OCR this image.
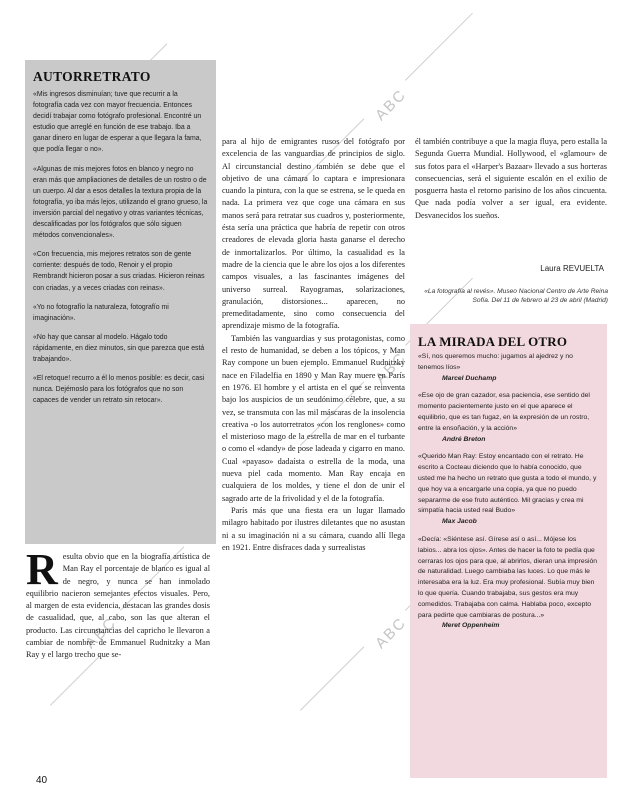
ABC
ABC
ABC	ABC
AUTORRETRATO

«Mis ingresos disminuían; tuve que recurrir a la fotografía cada vez con mayor frecuencia. Entonces decidí trabajar como fotógrafo profesional. Encontré un estudio que arreglé en función de ese trabajo. Iba a ganar dinero en lugar de esperar a que llegara la fama, que podía llegar o no».

«Algunas de mis mejores fotos en blanco y negro no eran más que ampliaciones de detalles de un rostro o de un cuerpo. Al dar a esos detalles la textura propia de la fotografía, yo iba más lejos, utilizando el grano grueso, la inversión parcial del negativo y otras variantes técnicas, descalificadas por los fotógrafos que sólo siguen métodos convencionales».

«Con frecuencia, mis mejores retratos son de gente corriente: después de todo, Renoir y el propio Rembrandt hicieron posar a sus criadas. Hicieron reinas con criadas, y a veces criadas con reinas».

«Yo no fotografío la naturaleza, fotografío mi imaginación».

«No hay que cansar al modelo. Hágalo todo rápidamente, en diez minutos, sin que parezca que está trabajando».

«El retoque! recurro a él lo menos posible: es decir, casi nunca. Dejémoslo para los fotógrafos que no son capaces de vender un retrato sin retocar».

R esulta obvio que en la biografía artística de Man Ray el porcentaje de blanco es igual al de negro, y nunca se han inmolado equilibrio nacieron semejantes efectos visuales. Pero, al margen de esta evidencia, destacan las grandes dosis de casualidad, que, al cabo, son las que alteran el producto. Las circunstancias del capricho le llevaron a cambiar de nombre: de Emmanuel Rudnitzky a Man Ray y el largo trecho que se-

para al hijo de emigrantes rusos del fotógrafo por excelencia de las vanguardias de principios de siglo. Al circunstancial destino también se debe que el objetivo de una cámara lo captara e impresionara cuando la pintura, con la que se estrena, se le queda en nada. La primera vez que coge una cámara en sus manos será para retratar sus cuadros y, posteriormente, ésta sería una práctica que habría de repetir con otros creadores de elevada gloria hasta ganarse el derecho de inmortalizarlos. Por último, la casualidad es la madre de la ciencia que le abre los ojos a los diferentes campos visuales, a las fascinantes imágenes del universo surreal. Rayogramas, solarizaciones, granulación, distorsiones... aparecen, no premeditadamente, sino como consecuencia del aprendizaje mismo de la fotografía.

También las vanguardias y sus protagonistas, como el resto de humanidad, se deben a los tópicos, y Man Ray compone un buen ejemplo. Emmanuel Rudnitzky nace en Filadelfia en 1890 y Man Ray muere en París en 1976. El hombre y el artista en el que se reinventa bajo los auspicios de un seudónimo célebre, que, a su vez, se transmuta con las mil máscaras de la insolencia creativa -o los autorretratos «con los renglones» como el misterioso mago de la estrella de mar en el turbante o como el «dandy» de pose ladeada y cigarro en mano. Cual «payaso» dadaísta o estrella de la moda, una nueva piel cada momento. Man Ray encaja en cualquiera de los moldes, y tiene el don de unir el sagrado arte de la frivolidad y el de la fotografía.

París más que una fiesta era un lugar llamado milagro habitado por ilustres diletantes que no asustan ni a su imaginación ni a su cámara, cuando allí llega en 1921. Entre disfraces dada y surrealistas

él también contribuye a que la magia fluya, pero estalla la Segunda Guerra Mundial. Hollywood, el «glamour» de sus fotos para el «Harper's Bazaar» llevado a sus horteras consecuencias, será el siguiente escalón en el exilio de posguerra hasta el retorno parisino de los años cincuenta. Que nada podía volver a ser igual, era evidente. Desvanecidos los sueños.

Laura REVUELTA
«La fotografía al revés». Museo Nacional Centro de Arte Reina Sofía. Del 11 de febrero al 23 de abril (Madrid)
LA MIRADA DEL OTRO

«Sí, nos queremos mucho: jugamos al ajedrez y no tenemos líos»

Marcel Duchamp

«Ese ojo de gran cazador, esa paciencia, ese sentido del momento pacientemente justo en el que aparece el equilibrio, que es tan fugaz, en la expresión de un rostro, entre la ensoñación, y la acción»

André Breton

«Querido Man Ray: Estoy encantado con el retrato. He escrito a Cocteau diciendo que lo había conocido, que usted me ha hecho un retrato que gusta a todo el mundo, y que hoy va a encargarle una copia, ya que no puedo separarme de ese fruto auténtico. Mil gracias y crea mi simpatía hacia usted real Budo»

Max Jacob

«Decía: «Siéntese así. Gírese así o así... Mójese los labios... abra los ojos». Antes de hacer la foto te pedía que cerraras los ojos para que, al abrirlos, dieran una impresión de naturalidad. Luego cambiaba las luces. Lo que más le interesaba era la luz. Era muy profesional. Subía muy bien lo que quería. Cuando trabajaba, sus gestos era muy comedidos. Trabajaba con calma. Hablaba poco, excepto para pedirte que cambiaras de postura...»

Meret Oppenheim

40
